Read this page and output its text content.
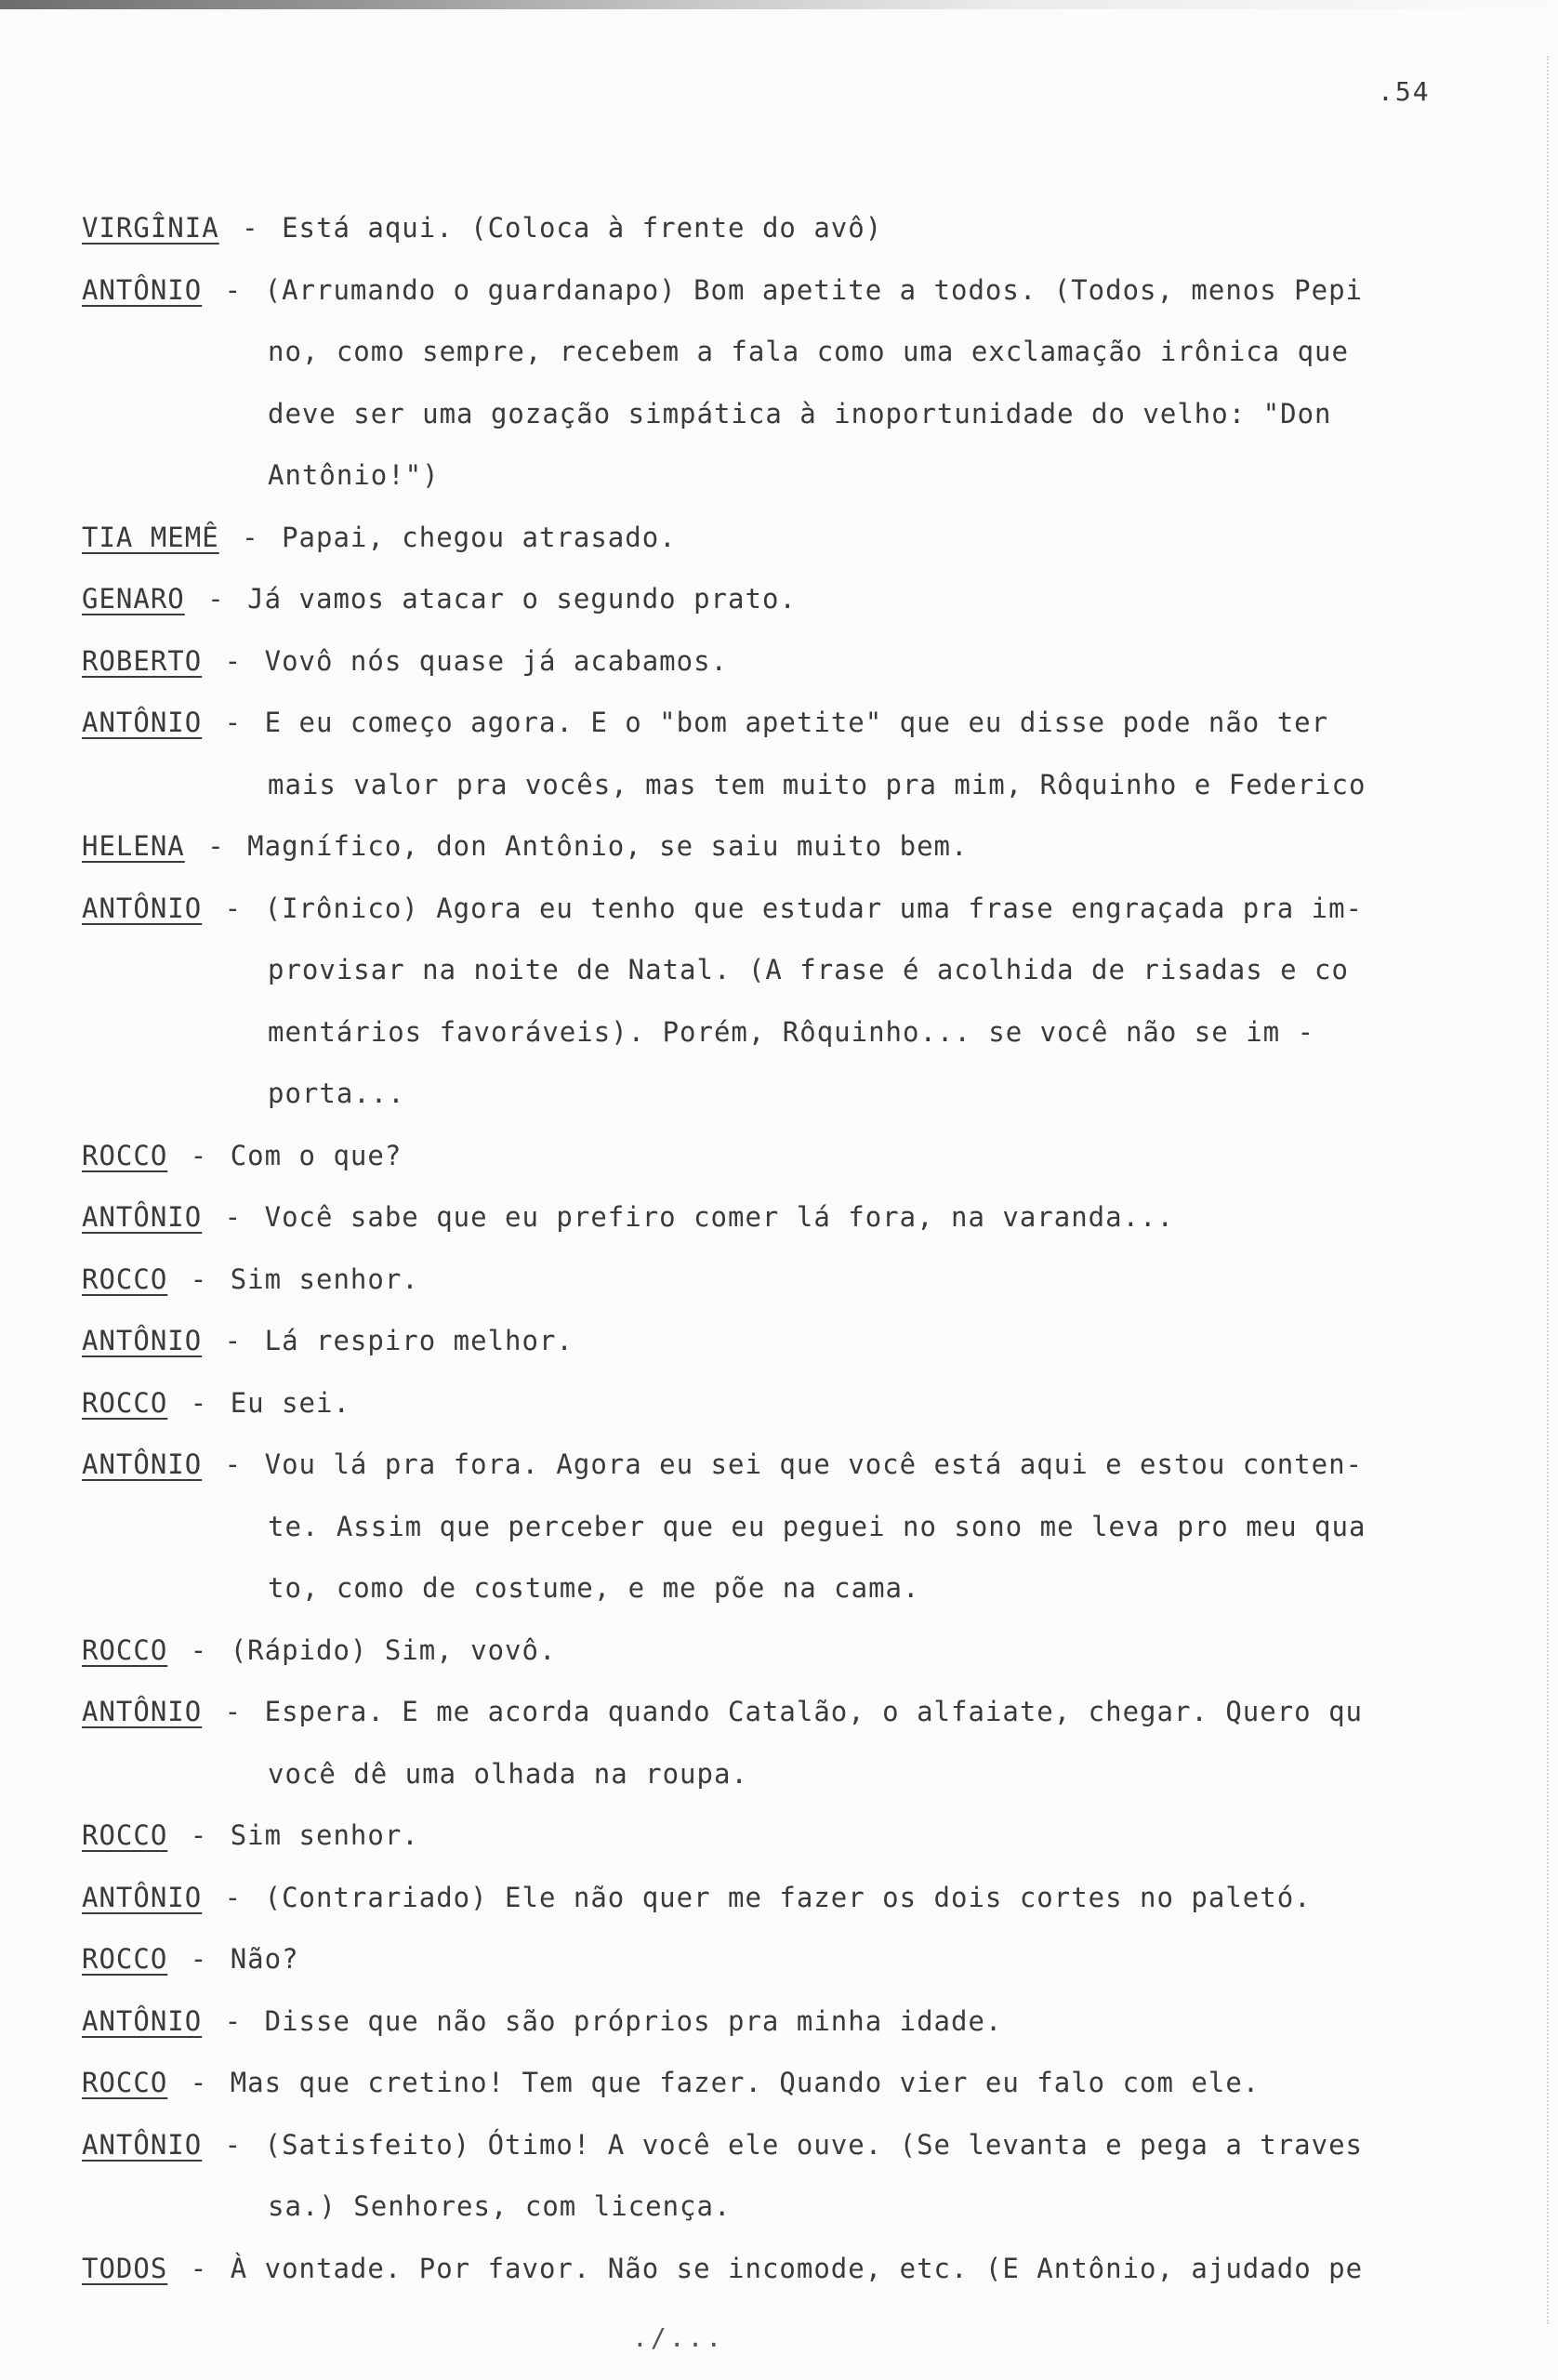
.54
VIRGÎNIA - Está aqui. (Coloca à frente do avô)
ANTÔNIO - (Arrumando o guardanapo) Bom apetite a todos. (Todos, menos Pepi
no, como sempre, recebem a fala como uma exclamação irônica que
deve ser uma gozação simpática à inoportunidade do velho: "Don
Antônio!")
TIA MEMÊ - Papai, chegou atrasado.
GENARO - Já vamos atacar o segundo prato.
ROBERTO - Vovô nós quase já acabamos.
ANTÔNIO - E eu começo agora. E o "bom apetite" que eu disse pode não ter
mais valor pra vocês, mas tem muito pra mim, Rôquinho e Federico
HELENA - Magnífico, don Antônio, se saiu muito bem.
ANTÔNIO - (Irônico) Agora eu tenho que estudar uma frase engraçada pra im-
provisar na noite de Natal. (A frase é acolhida de risadas e co
mentários favoráveis). Porém, Rôquinho... se você não se im -
porta...
ROCCO - Com o que?
ANTÔNIO - Você sabe que eu prefiro comer lá fora, na varanda...
ROCCO - Sim senhor.
ANTÔNIO - Lá respiro melhor.
ROCCO - Eu sei.
ANTÔNIO - Vou lá pra fora. Agora eu sei que você está aqui e estou conten-
te. Assim que perceber que eu peguei no sono me leva pro meu qua
to, como de costume, e me põe na cama.
ROCCO - (Rápido) Sim, vovô.
ANTÔNIO - Espera. E me acorda quando Catalão, o alfaiate, chegar. Quero qu
você dê uma olhada na roupa.
ROCCO - Sim senhor.
ANTÔNIO - (Contrariado) Ele não quer me fazer os dois cortes no paletó.
ROCCO - Não?
ANTÔNIO - Disse que não são próprios pra minha idade.
ROCCO - Mas que cretino! Tem que fazer. Quando vier eu falo com ele.
ANTÔNIO - (Satisfeito) Ótimo! A você ele ouve. (Se levanta e pega a traves
sa.) Senhores, com licença.
TODOS - À vontade. Por favor. Não se incomode, etc. (E Antônio, ajudado pe
./...
